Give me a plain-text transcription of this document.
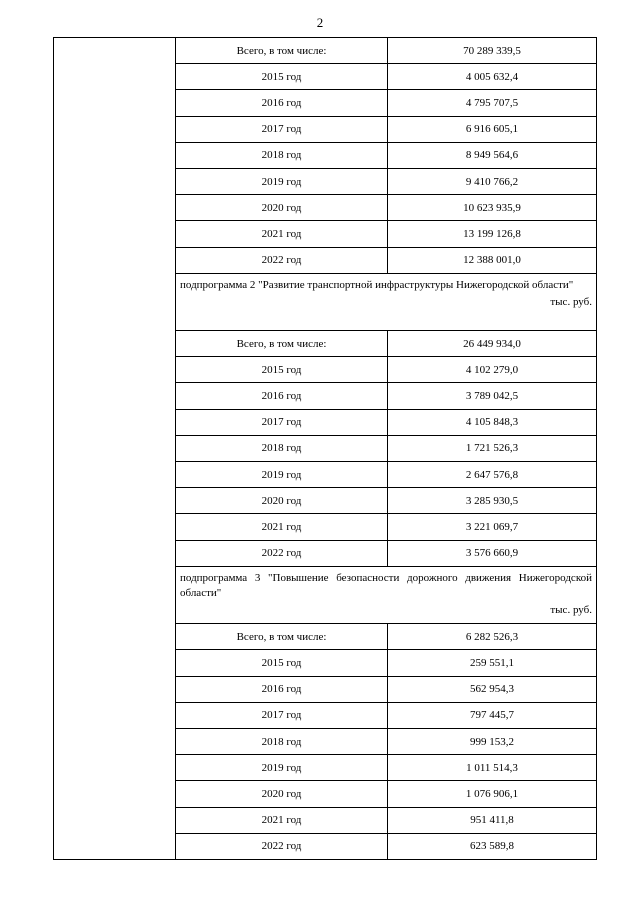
2
	Всего, в том числе:	70 289 339,5
	2015 год	4 005 632,4
	2016 год	4 795 707,5
	2017 год	6 916 605,1
	2018 год	8 949 564,6
	2019 год	9 410 766,2
	2020 год	10 623 935,9
	2021 год	13 199 126,8
	2022 год	12 388 001,0

	подпрограмма 2 "Развитие транспортной инфраструктуры Нижегородской области"
тыс. руб.	

	Всего, в том числе:	26 449 934,0
	2015 год	4 102 279,0
	2016 год	3 789 042,5
	2017 год	4 105 848,3
	2018 год	1 721 526,3
	2019 год	2 647 576,8
	2020 год	3 285 930,5
	2021 год	3 221 069,7
	2022 год	3 576 660,9

	подпрограмма 3 "Повышение безопасности дорожного движения Нижегородской области"
тыс. руб.	

	Всего, в том числе:	6 282 526,3
	2015 год	259 551,1
	2016 год	562 954,3
	2017 год	797 445,7
	2018 год	999 153,2
	2019 год	1 011 514,3
	2020 год	1 076 906,1
	2021 год	951 411,8
	2022 год	623 589,8
